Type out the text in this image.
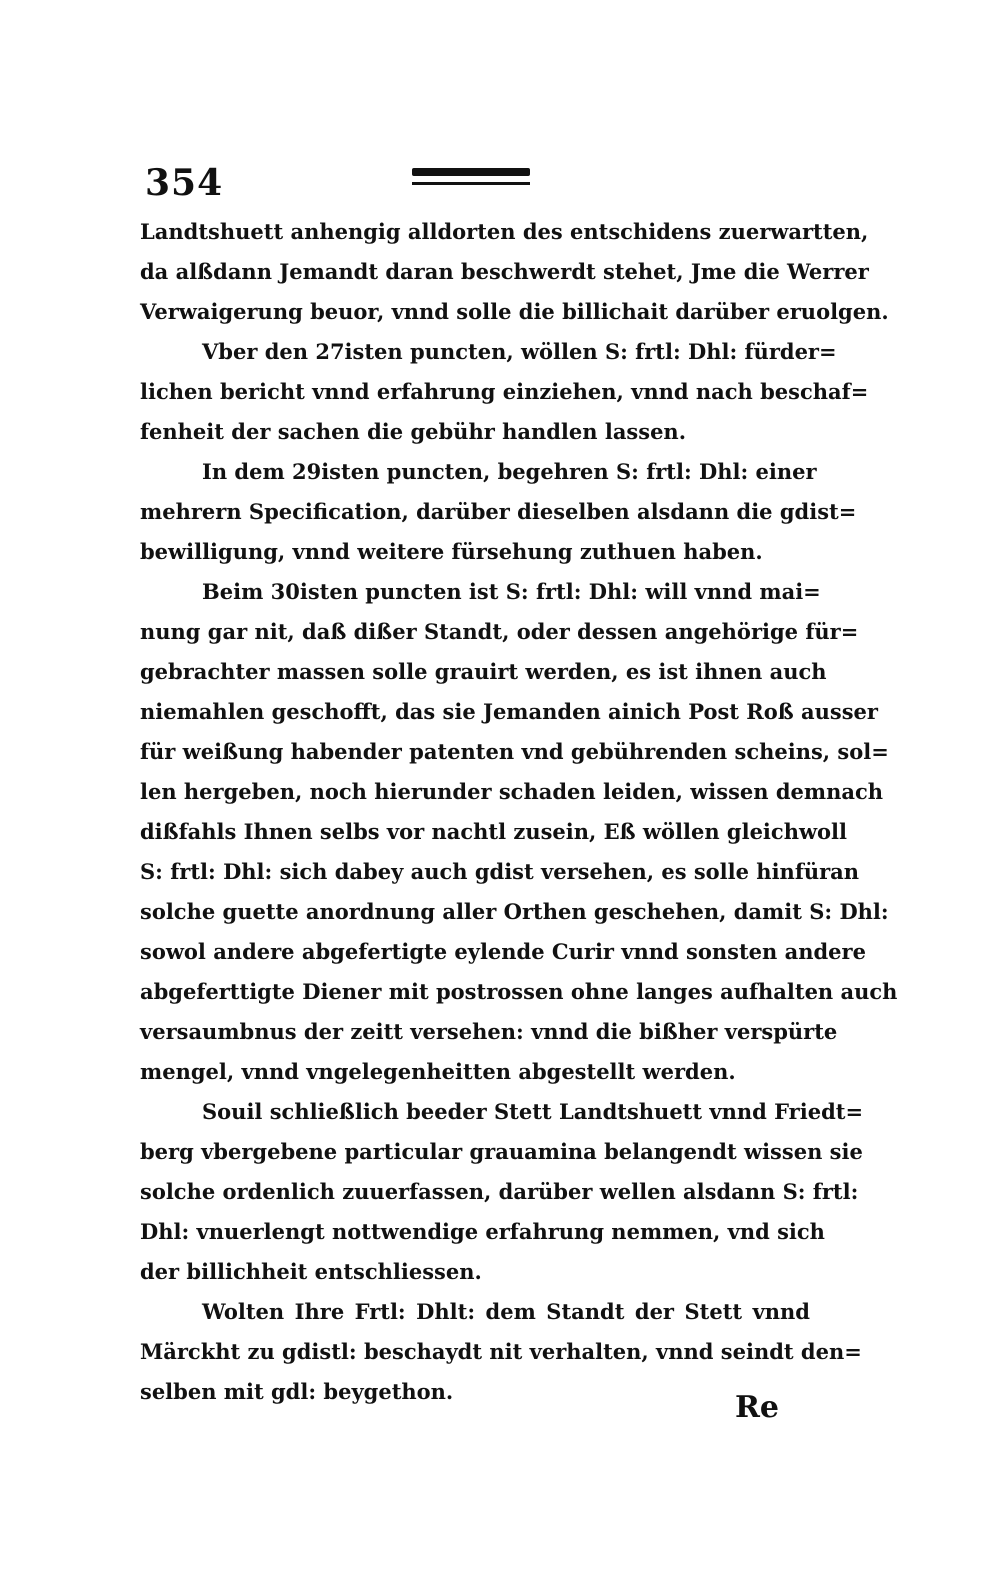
354
Landtshuett anhengig alldorten des entschidens zuerwartten,
da alßdann Jemandt daran beschwerdt stehet, Jme die Werrer
Verwaigerung beuor, vnnd solle die billichait darüber eruolgen.
Vber den 27isten puncten, wöllen S: frtl: Dhl: fürder=
lichen bericht vnnd erfahrung einziehen, vnnd nach beschaf=
fenheit der sachen die gebühr handlen lassen.
In dem 29isten puncten, begehren S: frtl: Dhl: einer
mehrern Specification, darüber dieselben alsdann die gdist=
bewilligung, vnnd weitere fürsehung zuthuen haben.
Beim 30isten puncten ist S: frtl: Dhl: will vnnd mai=
nung gar nit, daß dißer Standt, oder dessen angehörige für=
gebrachter massen solle grauirt werden, es ist ihnen auch
niemahlen geschofft, das sie Jemanden ainich Post Roß ausser
für weißung habender patenten vnd gebührenden scheins, sol=
len hergeben, noch hierunder schaden leiden, wissen demnach
dißfahls Ihnen selbs vor nachtl zusein, Eß wöllen gleichwoll
S: frtl: Dhl: sich dabey auch gdist versehen, es solle hinfüran
solche guette anordnung aller Orthen geschehen, damit S: Dhl:
sowol andere abgefertigte eylende Curir vnnd sonsten andere
abgeferttigte Diener mit postrossen ohne langes aufhalten auch
versaumbnus der zeitt versehen: vnnd die bißher verspürte
mengel, vnnd vngelegenheitten abgestellt werden.
Souil schließlich beeder Stett Landtshuett vnnd Friedt=
berg vbergebene particular grauamina belangendt wissen sie
solche ordenlich zuuerfassen, darüber wellen alsdann S: frtl:
Dhl: vnuerlengt nottwendige erfahrung nemmen, vnd sich
der billichheit entschliessen.
Wolten Ihre Frtl: Dhlt: dem Standt der Stett vnnd
Märckht zu gdistl: beschaydt nit verhalten, vnnd seindt den=
selben mit gdl: beygethon.	Re
